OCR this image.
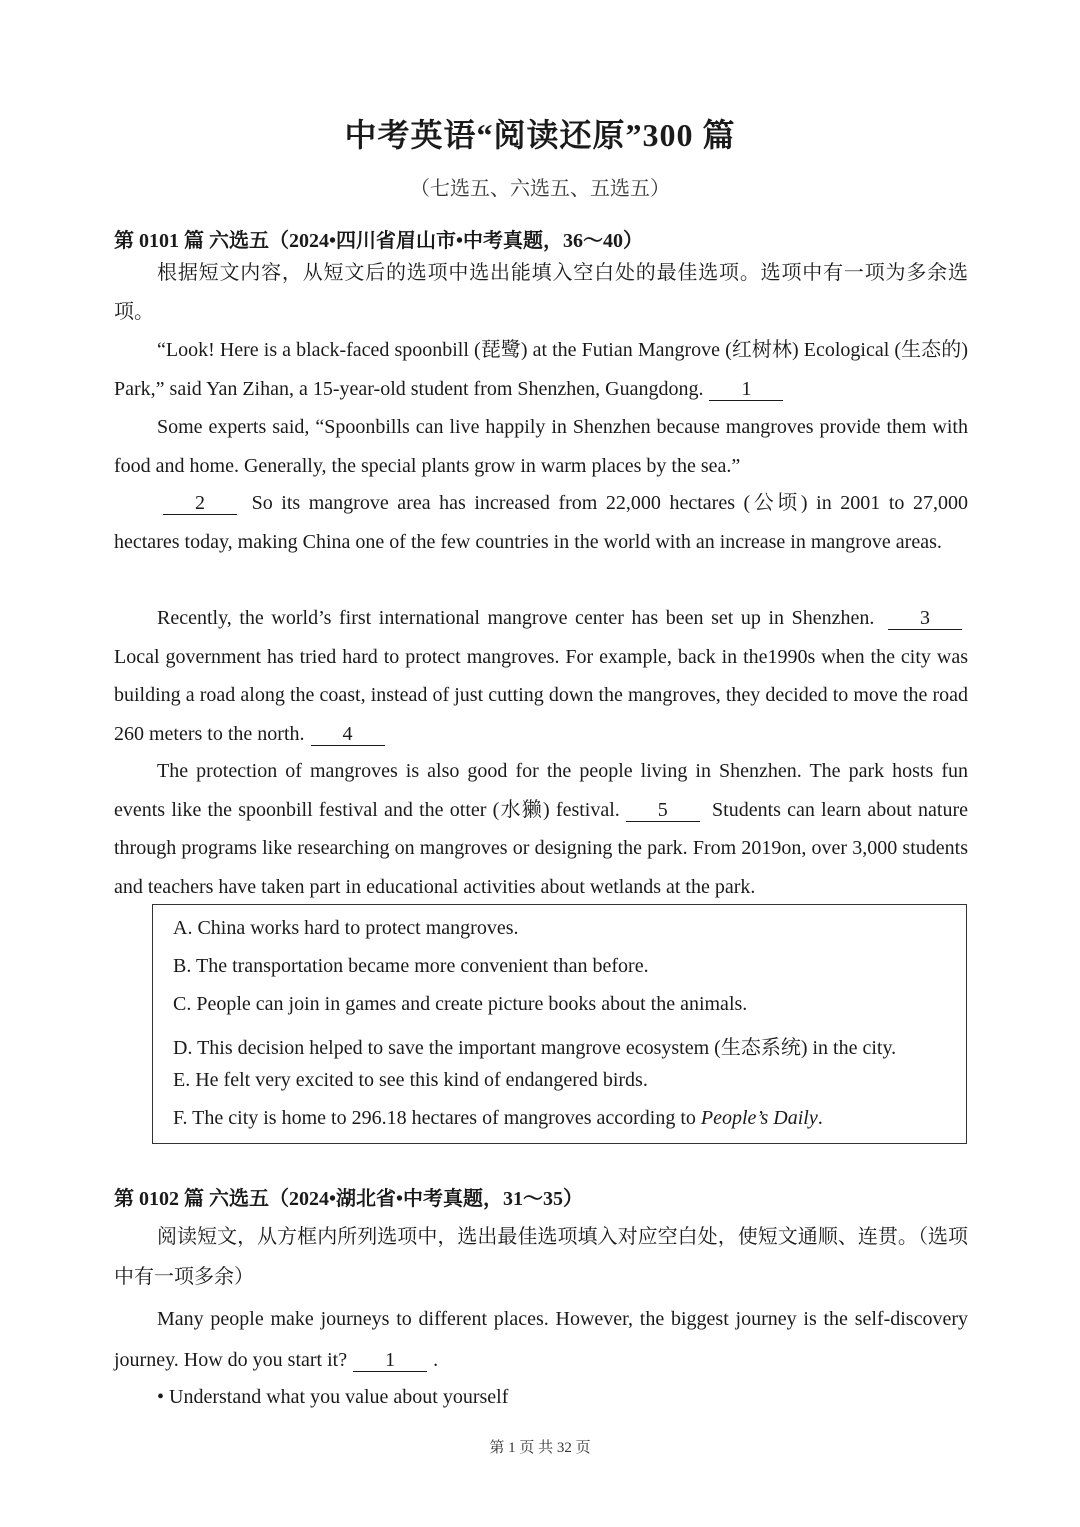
中考英语“阅读还原”300 篇
（七选五、六选五、五选五）
第 0101 篇 六选五（2024•四川省眉山市•中考真题，36～40）

根据短文内容，从短文后的选项中选出能填入空白处的最佳选项。选项中有一项为多余选项。

“Look! Here is a black-faced spoonbill (琵鹭) at the Futian Mangrove (红树林) Ecological (生态的) Park,” said Yan Zihan, a 15-year-old student from Shenzhen, Guangdong. 1

Some experts said, “Spoonbills can live happily in Shenzhen because mangroves provide them with food and home. Generally, the special plants grow in warm places by the sea.”

2 So its mangrove area has increased from 22,000 hectares (公顷) in 2001 to 27,000 hectares today, making China one of the few countries in the world with an increase in mangrove areas.

Recently, the world’s first international mangrove center has been set up in Shenzhen. 3 Local government has tried hard to protect mangroves. For example, back in the1990s when the city was building a road along the coast, instead of just cutting down the mangroves, they decided to move the road 260 meters to the north. 4

The protection of mangroves is also good for the people living in Shenzhen. The park hosts fun events like the spoonbill festival and the otter (水獭) festival. 5 Students can learn about nature through programs like researching on mangroves or designing the park. From 2019on, over 3,000 students and teachers have taken part in educational activities about wetlands at the park.

A. China works hard to protect mangroves.
B. The transportation became more convenient than before.
C. People can join in games and create picture books about the animals.
D. This decision helped to save the important mangrove ecosystem (生态系统) in the city.
E. He felt very excited to see this kind of endangered birds.
F. The city is home to 296.18 hectares of mangroves according to People’s Daily.
第 0102 篇 六选五（2024•湖北省•中考真题，31～35）

阅读短文，从方框内所列选项中，选出最佳选项填入对应空白处，使短文通顺、连贯。（选项中有一项多余）

Many people make journeys to different places. However, the biggest journey is the self-discovery journey. How do you start it? 1 .

• Understand what you value about yourself
第 1 页 共 32 页
